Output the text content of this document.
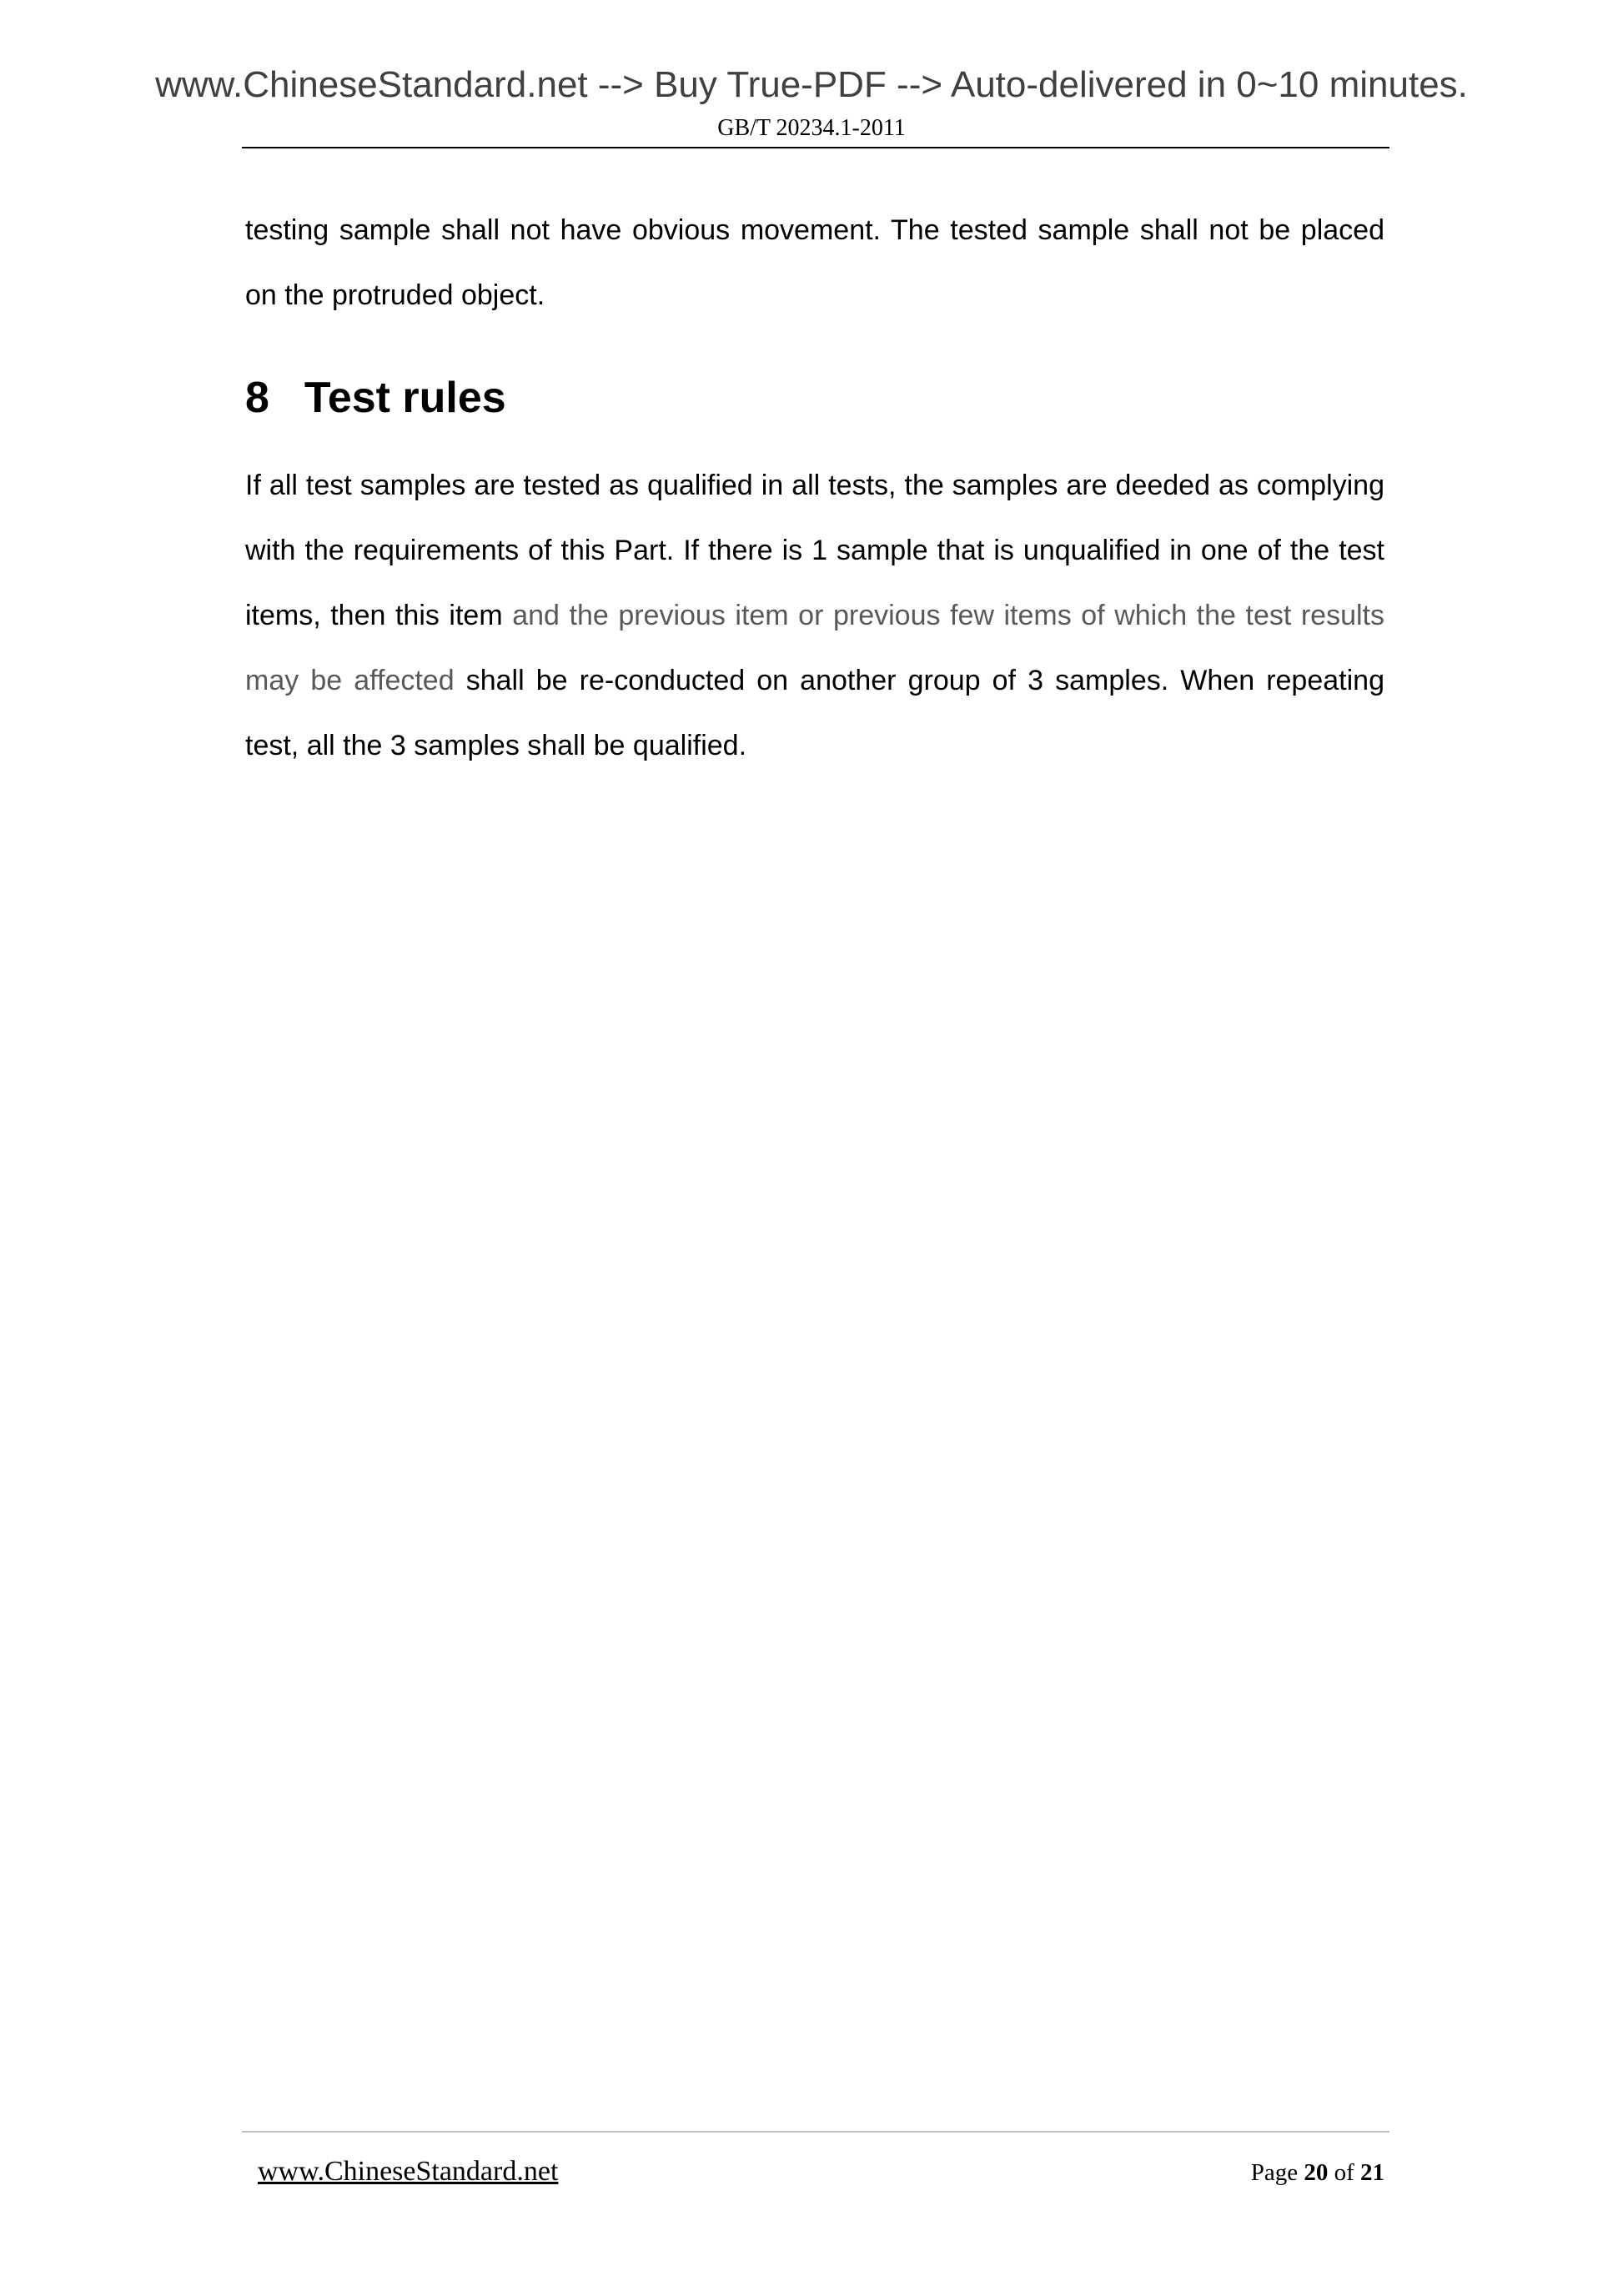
www.ChineseStandard.net --> Buy True-PDF --> Auto-delivered in 0~10 minutes.
GB/T 20234.1-2011

testing sample shall not have obvious movement. The tested sample shall not be placed on the protruded object.

8 Test rules

If all test samples are tested as qualified in all tests, the samples are deeded as complying with the requirements of this Part. If there is 1 sample that is unqualified in one of the test items, then this item and the previous item or previous few items of which the test results may be affected shall be re-conducted on another group of 3 samples. When repeating test, all the 3 samples shall be qualified.

www.ChineseStandard.net	Page 20 of 21
